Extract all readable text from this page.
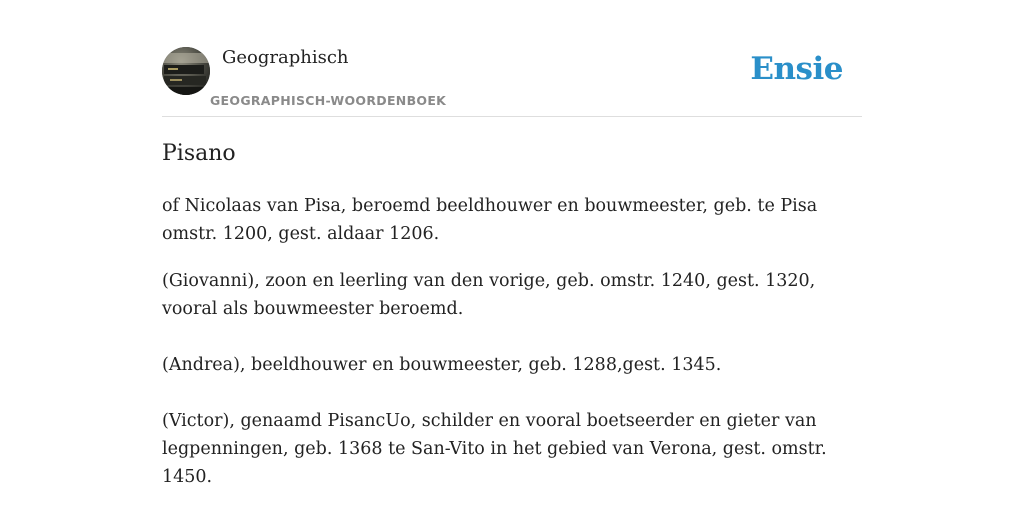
Geographisch
GEOGRAPHISCH-WOORDENBOEK
Ensie
Pisano

of Nicolaas van Pisa, beroemd beeldhouwer en bouwmeester, geb. te Pisa omstr. 1200, gest. aldaar 1206.

(Giovanni), zoon en leerling van den vorige, geb. omstr. 1240, gest. 1320, vooral als bouwmeester beroemd.

(Andrea), beeldhouwer en bouwmeester, geb. 1288,gest. 1345.

(Victor), genaamd PisancUo, schilder en vooral boetseerder en gieter van legpenningen, geb. 1368 te San-Vito in het gebied van Verona, gest. omstr. 1450.
